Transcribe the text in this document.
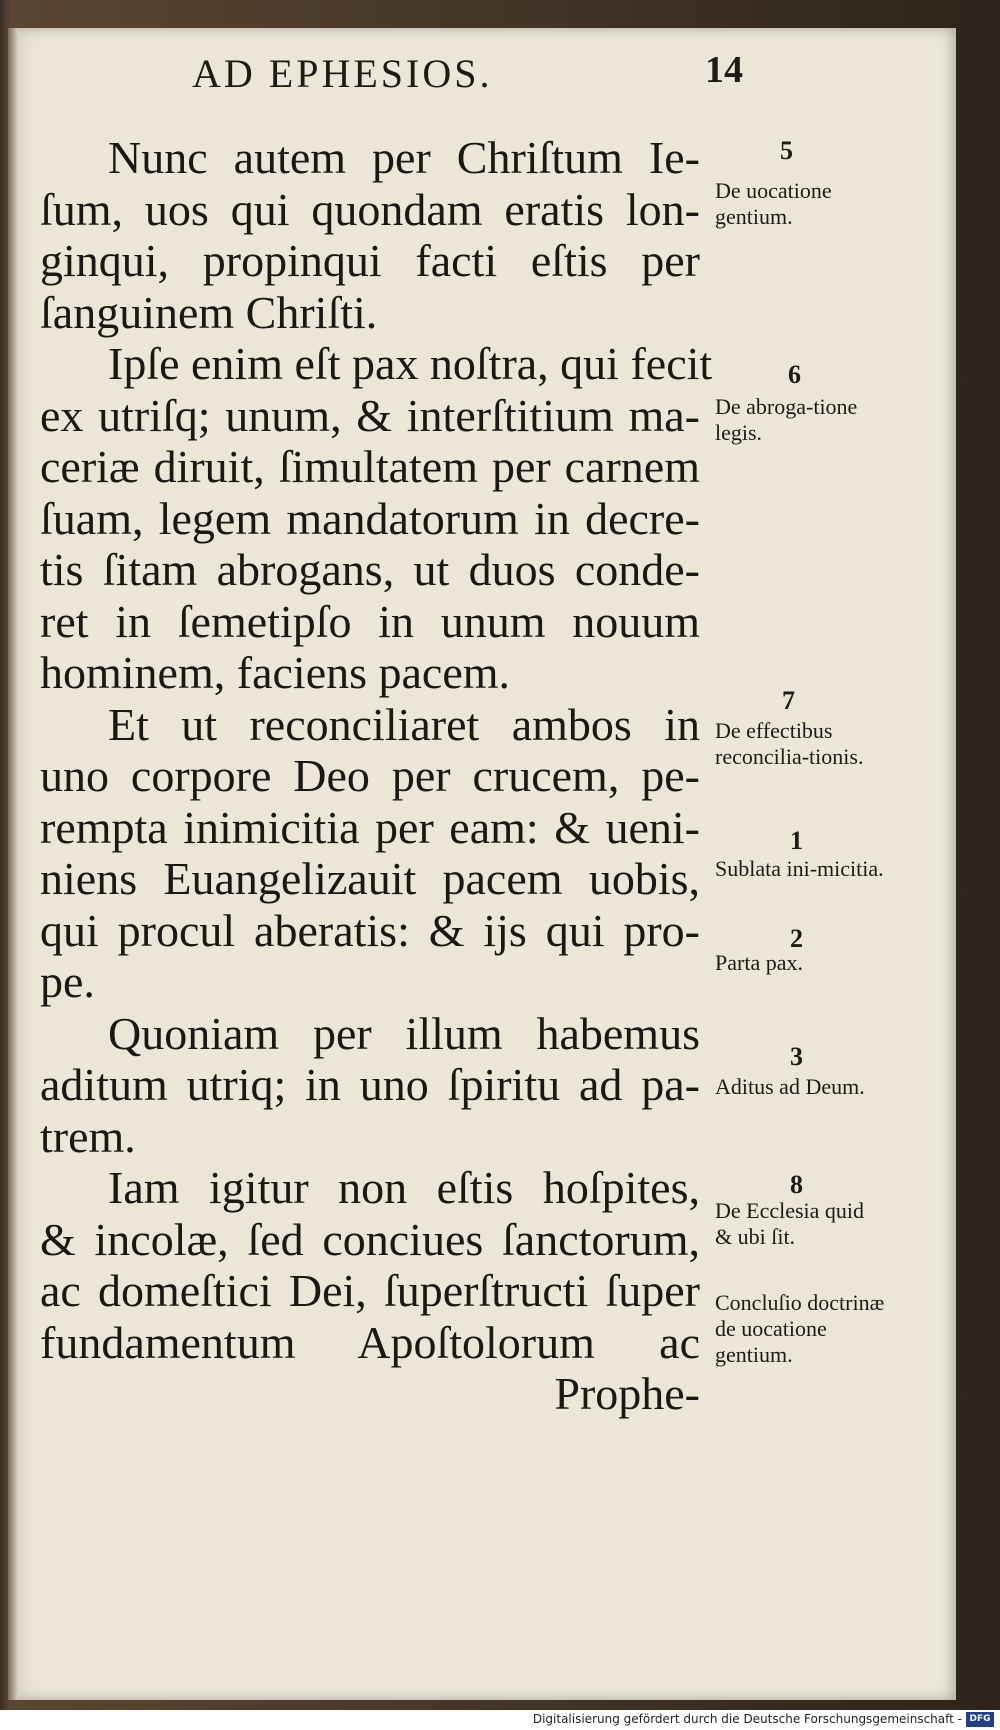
AD EPHESIOS.	14
Nunc autem per Chriſtum Ie-
ſum, uos qui quondam eratis lon-
ginqui, propinqui facti eſtis per
ſanguinem Chriſti.
Ipſe enim eſt pax noſtra, qui fecit
ex utriſq; unum, & interſtitium ma-
ceriæ diruit, ſimultatem per carnem
ſuam, legem mandatorum in decre-
tis ſitam abrogans, ut duos conde-
ret in ſemetipſo in unum nouum
hominem, faciens pacem.
Et ut reconciliaret ambos in
uno corpore Deo per crucem, pe-
rempta inimicitia per eam: & ueni-
niens Euangelizauit pacem uobis,
qui procul aberatis: & ijs qui pro-
pe.
Quoniam per illum habemus
aditum utriq; in uno ſpiritu ad pa-
trem.
Iam igitur non eſtis hoſpites,
& incolæ, ſed conciues ſanctorum,
ac domeſtici Dei, ſuperſtructi ſuper
fundamentum Apoſtolorum ac
Prophe-
5
De uocatione gentium.
6
De abroga-tione legis.
7
De effectibus reconcilia-tionis.
1
Sublata ini-micitia.
2
Parta pax.
3
Aditus ad Deum.
8
De Ecclesia quid & ubi ſit.
Concluſio doctrinæ de uocatione gentium.
Digitalisierung gefördert durch die Deutsche Forschungsgemeinschaft - DFG
